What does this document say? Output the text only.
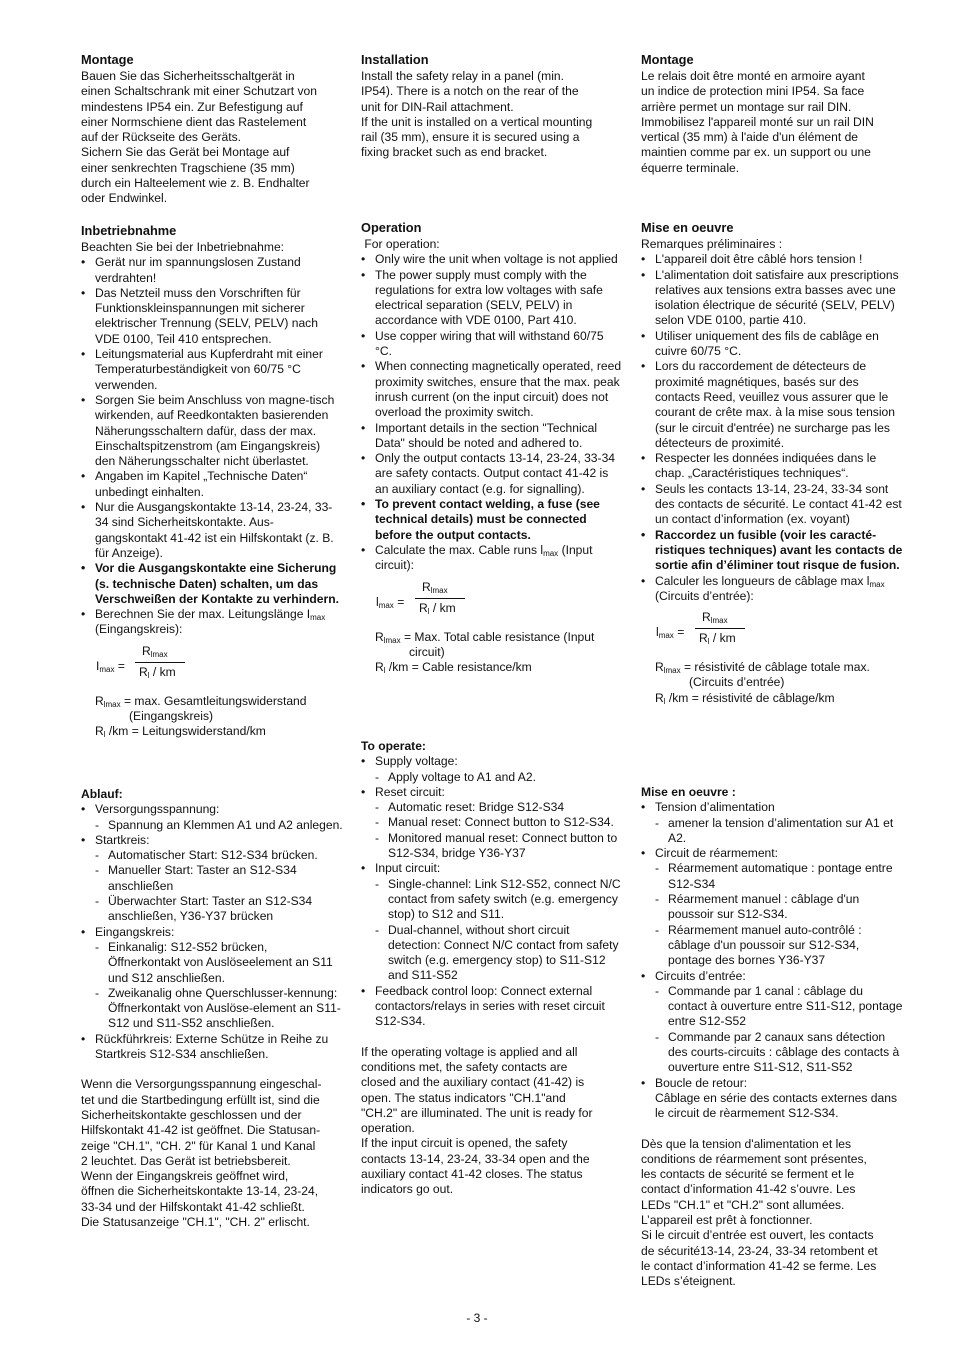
Montage

Bauen Sie das Sicherheitsschaltgerät in

einen Schaltschrank mit einer Schutzart von

mindestens IP54 ein. Zur Befestigung auf

einer Normschiene dient das Rastelement

auf der Rückseite des Geräts.

Sichern Sie das Gerät bei Montage auf

einer senkrechten Tragschiene (35 mm)

durch ein Halteelement wie z. B. Endhalter

oder Endwinkel.

Inbetriebnahme

Beachten Sie bei der Inbetriebnahme:

• Gerät nur im spannungslosen Zustand verdrahten!
• Das Netzteil muss den Vorschriften für Funktionskleinspannungen mit sicherer elektrischer Trennung (SELV, PELV) nach VDE 0100, Teil 410 entsprechen.
• Leitungsmaterial aus Kupferdraht mit einer Temperaturbeständigkeit von 60/75 °C verwenden.
• Sorgen Sie beim Anschluss von magne-tisch wirkenden, auf Reedkontakten basierenden Näherungsschaltern dafür, dass der max. Einschaltspitzenstrom (am Eingangskreis) den Näherungsschalter nicht überlastet.
• Angaben im Kapitel „Technische Daten“ unbedingt einhalten.
• Nur die Ausgangskontakte 13-14, 23-24, 33-34 sind Sicherheitskontakte. Aus-gangskontakt 41-42 ist ein Hilfskontakt (z. B. für Anzeige).
• Vor die Ausgangskontakte eine Sicherung (s. technische Daten) schalten, um das Verschweißen der Kontakte zu verhindern.
• Berechnen Sie der max. Leitungslänge $I_{max}$
(Eingangskreis):
$I_{max}$ =
$R_{lmax}$
$R_l$ / km

$R_{lmax} = \max$. Gesamtleitungswiderstand (Eingangskreis)

$R_l$ /km = Leitungswiderstand/km

Ablauf:

• Versorgungsspannung:
- Spannung an Klemmen A1 und A2 anlegen.
• Startkreis:
- Automatischer Start: S12-S34 brücken.
- Manueller Start: Taster an S12-S34 anschließen
- Überwachter Start: Taster an S12-S34 anschließen, Y36-Y37 brücken
• Eingangskreis:
- Einkanalig: S12-S52 brücken, Öffnerkontakt von Auslöseelement an S11 und S12 anschließen.
- Zweikanalig ohne Querschlusser-kennung: Öffnerkontakt von Auslöse-element an S11-S12 und S11-S52 anschließen.
• Rückführkreis: Externe Schütze in Reihe zu Startkreis S12-S34 anschließen.

Wenn die Versorgungsspannung eingeschal-

tet und die Startbedingung erfüllt ist, sind die

Sicherheitskontakte geschlossen und der

Hilfskontakt 41-42 ist geöffnet. Die Statusan-

zeige "CH.1", "CH. 2" für Kanal 1 und Kanal

2 leuchtet. Das Gerät ist betriebsbereit.

Wenn der Eingangskreis geöffnet wird,

öffnen die Sicherheitskontakte 13-14, 23-24,

33-34 und der Hilfskontakt 41-42 schließt.

Die Statusanzeige "CH.1", "CH. 2" erlischt.

Installation

Install the safety relay in a panel (min.

IP54). There is a notch on the rear of the

unit for DIN-Rail attachment.

If the unit is installed on a vertical mounting

rail (35 mm), ensure it is secured using a

fixing bracket such as end bracket.

Operation

For operation:

• Only wire the unit when voltage is not applied
• The power supply must comply with the regulations for extra low voltages with safe electrical separation (SELV, PELV) in accordance with VDE 0100, Part 410.
• Use copper wiring that will withstand 60/75 °C.
• When connecting magnetically operated, reed proximity switches, ensure that the max. peak inrush current (on the input circuit) does not overload the proximity switch.
• Important details in the section "Technical Data" should be noted and adhered to.
• Only the output contacts 13-14, 23-24, 33-34 are safety contacts. Output contact 41-42 is an auxiliary contact (e.g. for signalling).
• To prevent contact welding, a fuse (see technical details) must be connected before the output contacts.
• Calculate the max. Cable runs $l_{max}$ (Input circuit):
$l_{max}$ =
$R_{lmax}$
$R_l$ / km

$R_{lmax}$ = Max. Total cable resistance (Input circuit)

$R_l$ /km = Cable resistance/km

To operate:

• Supply voltage:
- Apply voltage to A1 and A2.
• Reset circuit:
- Automatic reset: Bridge S12-S34
- Manual reset: Connect button to S12-S34.
- Monitored manual reset: Connect button to S12-S34, bridge Y36-Y37
• Input circuit:
- Single-channel: Link S12-S52, connect N/C contact from safety switch (e.g. emergency stop) to S12 and S11.
- Dual-channel, without short circuit detection: Connect N/C contact from safety switch (e.g. emergency stop) to S11-S12 and S11-S52
• Feedback control loop: Connect external contactors/relays in series with reset circuit S12-S34.

If the operating voltage is applied and all

conditions met, the safety contacts are

closed and the auxiliary contact (41-42) is

open. The status indicators "CH.1"and

"CH.2" are illuminated. The unit is ready for

operation.

If the input circuit is opened, the safety

contacts 13-14, 23-24, 33-34 open and the

auxiliary contact 41-42 closes. The status

indicators go out.

Montage

Le relais doit être monté en armoire ayant

un indice de protection mini IP54. Sa face

arrière permet un montage sur rail DIN.

Immobilisez l'appareil monté sur un rail DIN

vertical (35 mm) à l'aide d'un élément de

maintien comme par ex. un support ou une

équerre terminale.

Mise en oeuvre

Remarques préliminaires :

• L'appareil doit être câblé hors tension !
• L'alimentation doit satisfaire aux prescriptions relatives aux tensions extra basses avec une isolation électrique de sécurité (SELV, PELV) selon VDE 0100, partie 410.
• Utiliser uniquement des fils de cablâge en cuivre 60/75 °C.
• Lors du raccordement de détecteurs de proximité magnétiques, basés sur des contacts Reed, veuillez vous assurer que le courant de crête max. à la mise sous tension (sur le circuit d'entrée) ne surcharge pas les détecteurs de proximité.
• Respecter les données indiquées dans le chap. „Caractéristiques techniques“.
• Seuls les contacts 13-14, 23-24, 33-34 sont des contacts de sécurité. Le contact 41-42 est un contact d’information (ex. voyant)
• Raccordez un fusible (voir les caracté-ristiques techniques) avant les contacts de sortie afin d’éliminer tout risque de fusion.
• Calculer les longueurs de câblage $\max l_{max}$ (Circuits d’entrée):
$l_{max}$ =
$R_{lmax}$
$R_l$ / km

$R_{lmax}$ = résistivité de câblage totale max. (Circuits d’entrée)

$R_l$ /km = résistivité de câblage/km

Mise en oeuvre :

• Tension d’alimentation
- amener la tension d’alimentation sur A1 et A2.
• Circuit de réarmement:
- Réarmement automatique : pontage entre S12-S34
- Réarmement manuel : câblage d'un poussoir sur S12-S34.
- Réarmement manuel auto-contrôlé : câblage d'un poussoir sur S12-S34, pontage des bornes Y36-Y37
• Circuits d’entrée:
- Commande par 1 canal : câblage du contact à ouverture entre S11-S12, pontage entre S12-S52
- Commande par 2 canaux sans détection des courts-circuits : câblage des contacts à ouverture entre S11-S12, S11-S52
• Boucle de retour:
Câblage en série des contacts externes dans le circuit de rèarmement S12-S34.

Dès que la tension d'alimentation et les

conditions de réarmement sont présentes,

les contacts de sécurité se ferment et le

contact d’information 41-42 s’ouvre. Les

LEDs "CH.1" et "CH.2" sont allumées.

L’appareil est prêt à fonctionner.

Si le circuit d’entrée est ouvert, les contacts

de sécurité13-14, 23-24, 33-34 retombent et

le contact d’information 41-42 se ferme. Les

LEDs s’éteignent.

- 3 -
